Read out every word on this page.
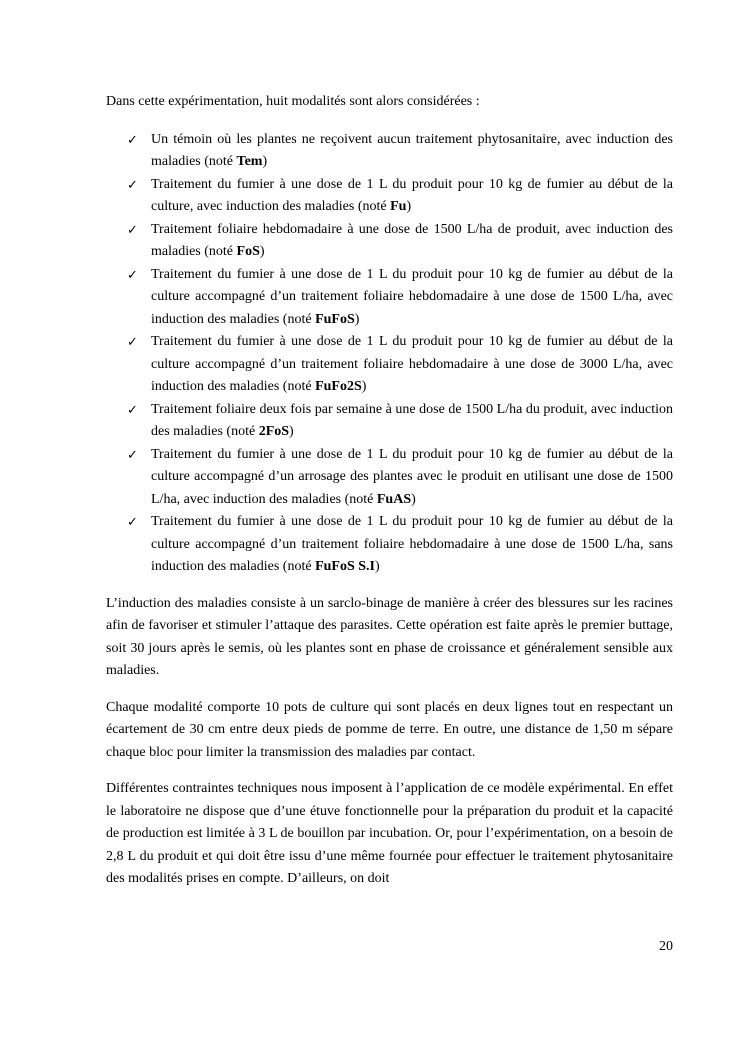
Dans cette expérimentation, huit modalités sont alors considérées :

✓ Un témoin où les plantes ne reçoivent aucun traitement phytosanitaire, avec induction des maladies (noté Tem)
✓ Traitement du fumier à une dose de 1 L du produit pour 10 kg de fumier au début de la culture, avec induction des maladies (noté Fu)
✓ Traitement foliaire hebdomadaire à une dose de 1500 L/ha de produit, avec induction des maladies (noté FoS)
✓ Traitement du fumier à une dose de 1 L du produit pour 10 kg de fumier au début de la culture accompagné d’un traitement foliaire hebdomadaire à une dose de 1500 L/ha, avec induction des maladies (noté FuFoS)
✓ Traitement du fumier à une dose de 1 L du produit pour 10 kg de fumier au début de la culture accompagné d’un traitement foliaire hebdomadaire à une dose de 3000 L/ha, avec induction des maladies (noté FuFo2S)
✓ Traitement foliaire deux fois par semaine à une dose de 1500 L/ha du produit, avec induction des maladies (noté 2FoS)
✓ Traitement du fumier à une dose de 1 L du produit pour 10 kg de fumier au début de la culture accompagné d’un arrosage des plantes avec le produit en utilisant une dose de 1500 L/ha, avec induction des maladies (noté FuAS)
✓ Traitement du fumier à une dose de 1 L du produit pour 10 kg de fumier au début de la culture accompagné d’un traitement foliaire hebdomadaire à une dose de 1500 L/ha, sans induction des maladies (noté FuFoS S.I)

L’induction des maladies consiste à un sarclo-binage de manière à créer des blessures sur les racines afin de favoriser et stimuler l’attaque des parasites. Cette opération est faite après le premier buttage, soit 30 jours après le semis, où les plantes sont en phase de croissance et généralement sensible aux maladies.

Chaque modalité comporte 10 pots de culture qui sont placés en deux lignes tout en respectant un écartement de 30 cm entre deux pieds de pomme de terre. En outre, une distance de 1,50 m sépare chaque bloc pour limiter la transmission des maladies par contact.

Différentes contraintes techniques nous imposent à l’application de ce modèle expérimental. En effet le laboratoire ne dispose que d’une étuve fonctionnelle pour la préparation du produit et la capacité de production est limitée à 3 L de bouillon par incubation. Or, pour l’expérimentation, on a besoin de 2,8 L du produit et qui doit être issu d’une même fournée pour effectuer le traitement phytosanitaire des modalités prises en compte. D’ailleurs, on doit

20
